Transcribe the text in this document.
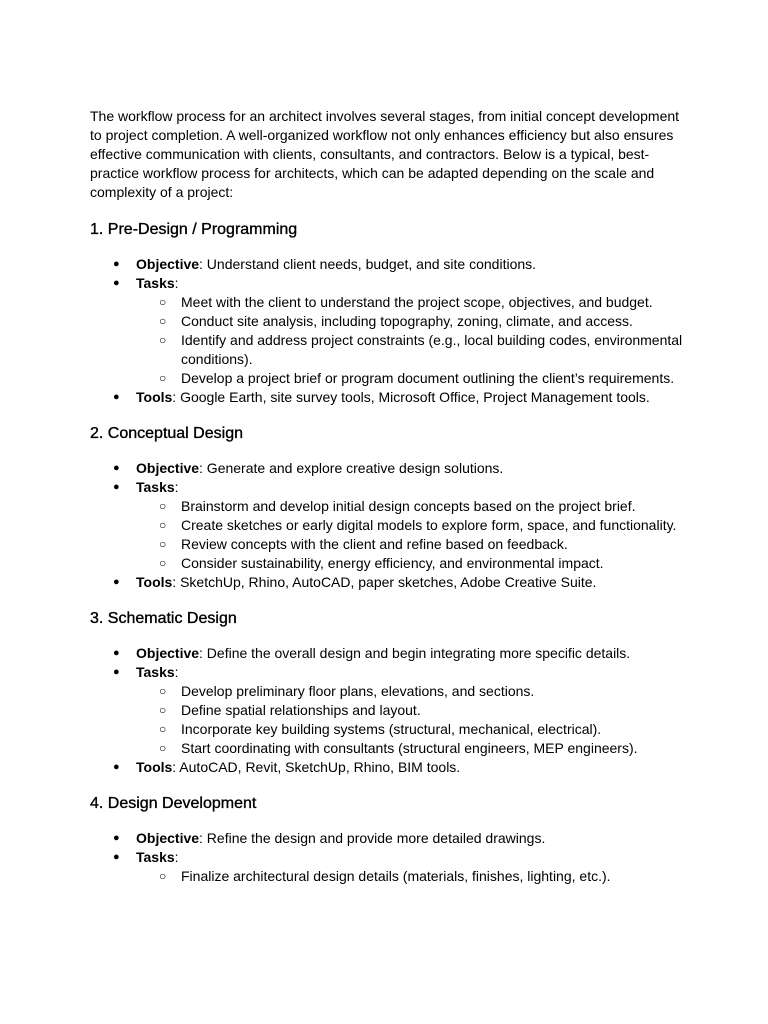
The workflow process for an architect involves several stages, from initial concept development to project completion. A well-organized workflow not only enhances efficiency but also ensures effective communication with clients, consultants, and contractors. Below is a typical, best-practice workflow process for architects, which can be adapted depending on the scale and complexity of a project:

1. Pre-Design / Programming
● Objective: Understand client needs, budget, and site conditions.
● Tasks:
○ Meet with the client to understand the project scope, objectives, and budget.
○ Conduct site analysis, including topography, zoning, climate, and access.
○ Identify and address project constraints (e.g., local building codes, environmental conditions).
○ Develop a project brief or program document outlining the client’s requirements.
● Tools: Google Earth, site survey tools, Microsoft Office, Project Management tools.
2. Conceptual Design
● Objective: Generate and explore creative design solutions.
● Tasks:
○ Brainstorm and develop initial design concepts based on the project brief.
○ Create sketches or early digital models to explore form, space, and functionality.
○ Review concepts with the client and refine based on feedback.
○ Consider sustainability, energy efficiency, and environmental impact.
● Tools: SketchUp, Rhino, AutoCAD, paper sketches, Adobe Creative Suite.
3. Schematic Design
● Objective: Define the overall design and begin integrating more specific details.
● Tasks:
○ Develop preliminary floor plans, elevations, and sections.
○ Define spatial relationships and layout.
○ Incorporate key building systems (structural, mechanical, electrical).
○ Start coordinating with consultants (structural engineers, MEP engineers).
● Tools: AutoCAD, Revit, SketchUp, Rhino, BIM tools.
4. Design Development
● Objective: Refine the design and provide more detailed drawings.
● Tasks:
○ Finalize architectural design details (materials, finishes, lighting, etc.).
